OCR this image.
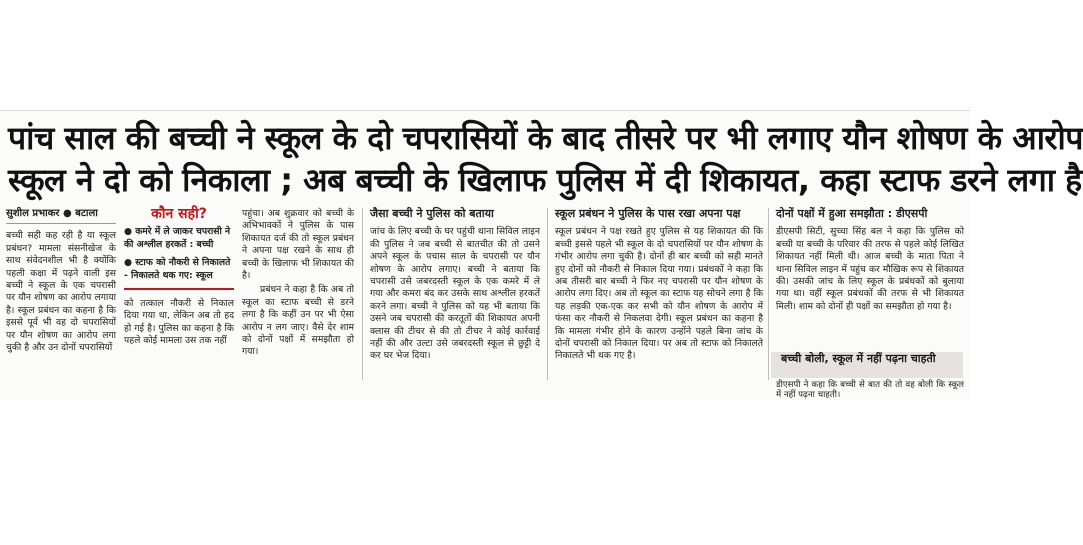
पांच साल की बच्ची ने स्कूल के दो चपरासियों के बाद तीसरे पर भी लगाए यौन शोषण के आरोप
स्कूल ने दो को निकाला ; अब बच्ची के खिलाफ पुलिस में दी शिकायत, कहा स्टाफ डरने लगा है
सुशील प्रभाकर ● बटाला

बच्ची सही कह रही है या स्कूल प्रबंधन? मामला संसनीखेज के साथ संवेदनशील भी है क्योंकि पहली कक्षा में पढ़ने वाली इस बच्ची ने स्कूल के एक चपरासी पर यौन शोषण का आरोप लगाया है। स्कूल प्रबंधन का कहना है कि इससे पूर्व भी वह दो चपरासियों पर यौन शोषण का आरोप लगा चुकी है और उन दोनों चपरासियों

कौन सही?
● कमरे में ले जाकर चपरासी ने की अश्लील हरकतें : बच्ची
● स्टाफ को नौकरी से निकालते - निकालते थक गए: स्कूल

को तत्काल नौकरी से निकाल दिया गया था, लेकिन अब तो हद हो गई है। पुलिस का कहना है कि पहले कोई मामला उस तक नहीं

पहुंचा। अब शुक्रवार को बच्ची के अभिभावकों ने पुलिस के पास शिकायत दर्ज की तो स्कूल प्रबंधन ने अपना पक्ष रखने के साथ ही बच्ची के खिलाफ भी शिकायत की है।

प्रबंधन ने कहा है कि अब तो स्कूल का स्टाफ बच्ची से डरने लगा है कि कहीं उन पर भी ऐसा आरोप न लग जाए। वैसे देर शाम को दोनों पक्षों में समझौता हो गया।

जैसा बच्ची ने पुलिस को बताया

जांच के लिए बच्ची के घर पहुंची थाना सिविल लाइन की पुलिस ने जब बच्ची से बातचीत की तो उसने अपने स्कूल के पचास साल के चपरासी पर यौन शोषण के आरोप लगाए। बच्ची ने बताया कि चपरासी उसे जबरदस्ती स्कूल के एक कमरे में ले गया और कमरा बंद कर उसके साथ अश्लील हरकतें करने लगा। बच्ची ने पुलिस को यह भी बताया कि उसने जब चपरासी की करतूतों की शिकायत अपनी क्लास की टीचर से की तो टीचर ने कोई कार्रवाई नहीं की और उल्टा उसे जबरदस्ती स्कूल से छुट्टी दे कर घर भेज दिया।

स्कूल प्रबंधन ने पुलिस के पास रखा अपना पक्ष

स्कूल प्रबंधन ने पक्ष रखते हुए पुलिस से यह शिकायत की कि बच्ची इससे पहले भी स्कूल के दो चपरासियों पर यौन शोषण के गंभीर आरोप लगा चुकी है। दोनों ही बार बच्ची को सही मानते हुए दोनों को नौकरी से निकाल दिया गया। प्रबंधकों ने कहा कि अब तीसरी बार बच्ची ने फिर नए चपरासी पर यौन शोषण के आरोप लगा दिए। अब तो स्कूल का स्टाफ यह सोचने लगा है कि यह लड़की एक-एक कर सभी को यौन शोषण के आरोप में फंसा कर नौकरी से निकलवा देगी। स्कूल प्रबंधन का कहना है कि मामला गंभीर होने के कारण उन्होंने पहले बिना जांच के दोनों चपरासी को निकाल दिया। पर अब तो स्टाफ को निकालते निकालते भी थक गए है।

दोनों पक्षों में हुआ समझौता : डीएसपी

डीएसपी सिटी, सुच्चा सिंह बल ने कहा कि पुलिस को बच्ची या बच्ची के परिवार की तरफ से पहले कोई लिखित शिकायत नहीं मिली थी। आज बच्ची के माता पिता ने थाना सिविल लाइन में पहुंच कर मौखिक रूप से शिकायत की। उसकी जांच के लिए स्कूल के प्रबंधकों को बुलाया गया था। वहीं स्कूल प्रबंधकों की तरफ से भी शिकायत मिली। शाम को दोनों ही पक्षों का समझौता हो गया है।

बच्ची बोली, स्कूल में नहीं पढ़ना चाहती

डीएसपी ने कहा कि बच्ची से बात की तो वह बोली कि स्कूल में नहीं पढ़ना चाहती।
